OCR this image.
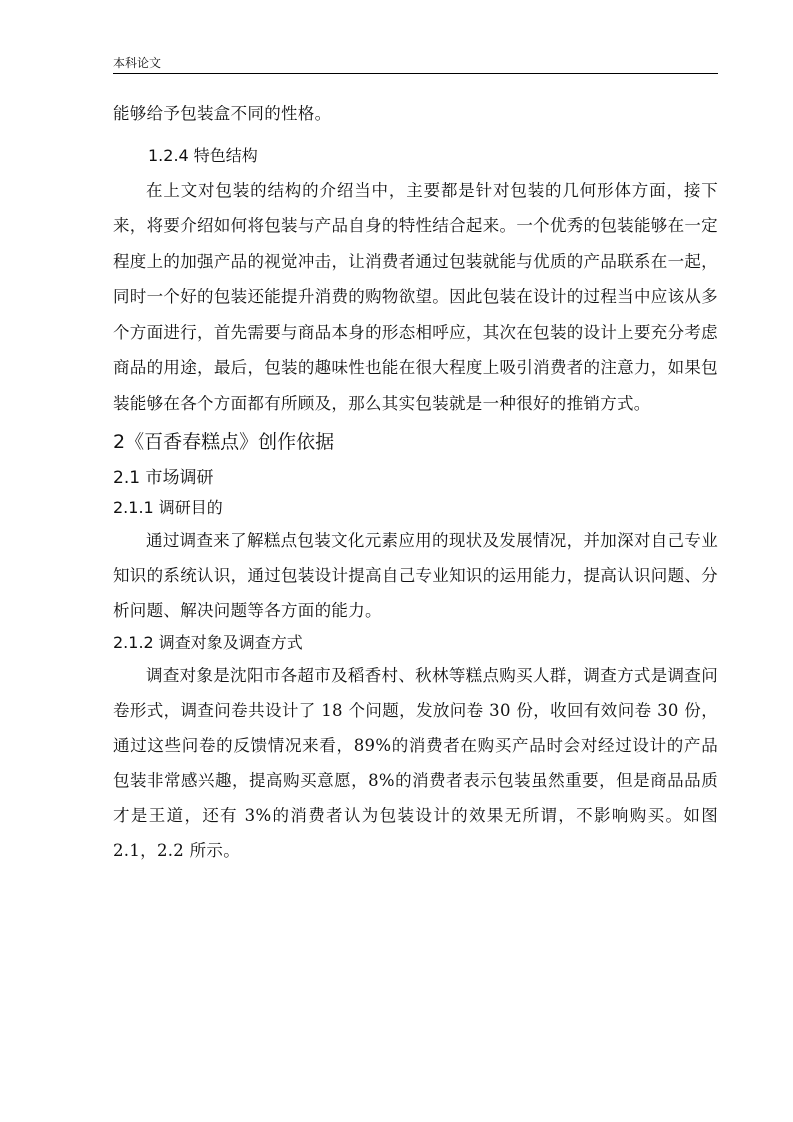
本科论文

能够给予包装盒不同的性格。

1.2.4 特色结构

在上文对包装的结构的介绍当中，主要都是针对包装的几何形体方面，接下来，将要介绍如何将包装与产品自身的特性结合起来。一个优秀的包装能够在一定程度上的加强产品的视觉冲击，让消费者通过包装就能与优质的产品联系在一起，同时一个好的包装还能提升消费的购物欲望。因此包装在设计的过程当中应该从多个方面进行，首先需要与商品本身的形态相呼应，其次在包装的设计上要充分考虑商品的用途，最后，包装的趣味性也能在很大程度上吸引消费者的注意力，如果包装能够在各个方面都有所顾及，那么其实包装就是一种很好的推销方式。

2《百香春糕点》创作依据
2.1 市场调研
2.1.1 调研目的

通过调查来了解糕点包装文化元素应用的现状及发展情况，并加深对自己专业知识的系统认识，通过包装设计提高自己专业知识的运用能力，提高认识问题、分析问题、解决问题等各方面的能力。

2.1.2 调查对象及调查方式

调查对象是沈阳市各超市及稻香村、秋林等糕点购买人群，调查方式是调查问卷形式，调查问卷共设计了 18 个问题，发放问卷 30 份，收回有效问卷 30 份，通过这些问卷的反馈情况来看，89%的消费者在购买产品时会对经过设计的产品包装非常感兴趣，提高购买意愿，8%的消费者表示包装虽然重要，但是商品品质才是王道，还有 3%的消费者认为包装设计的效果无所谓，不影响购买。如图 2.1，2.2 所示。
